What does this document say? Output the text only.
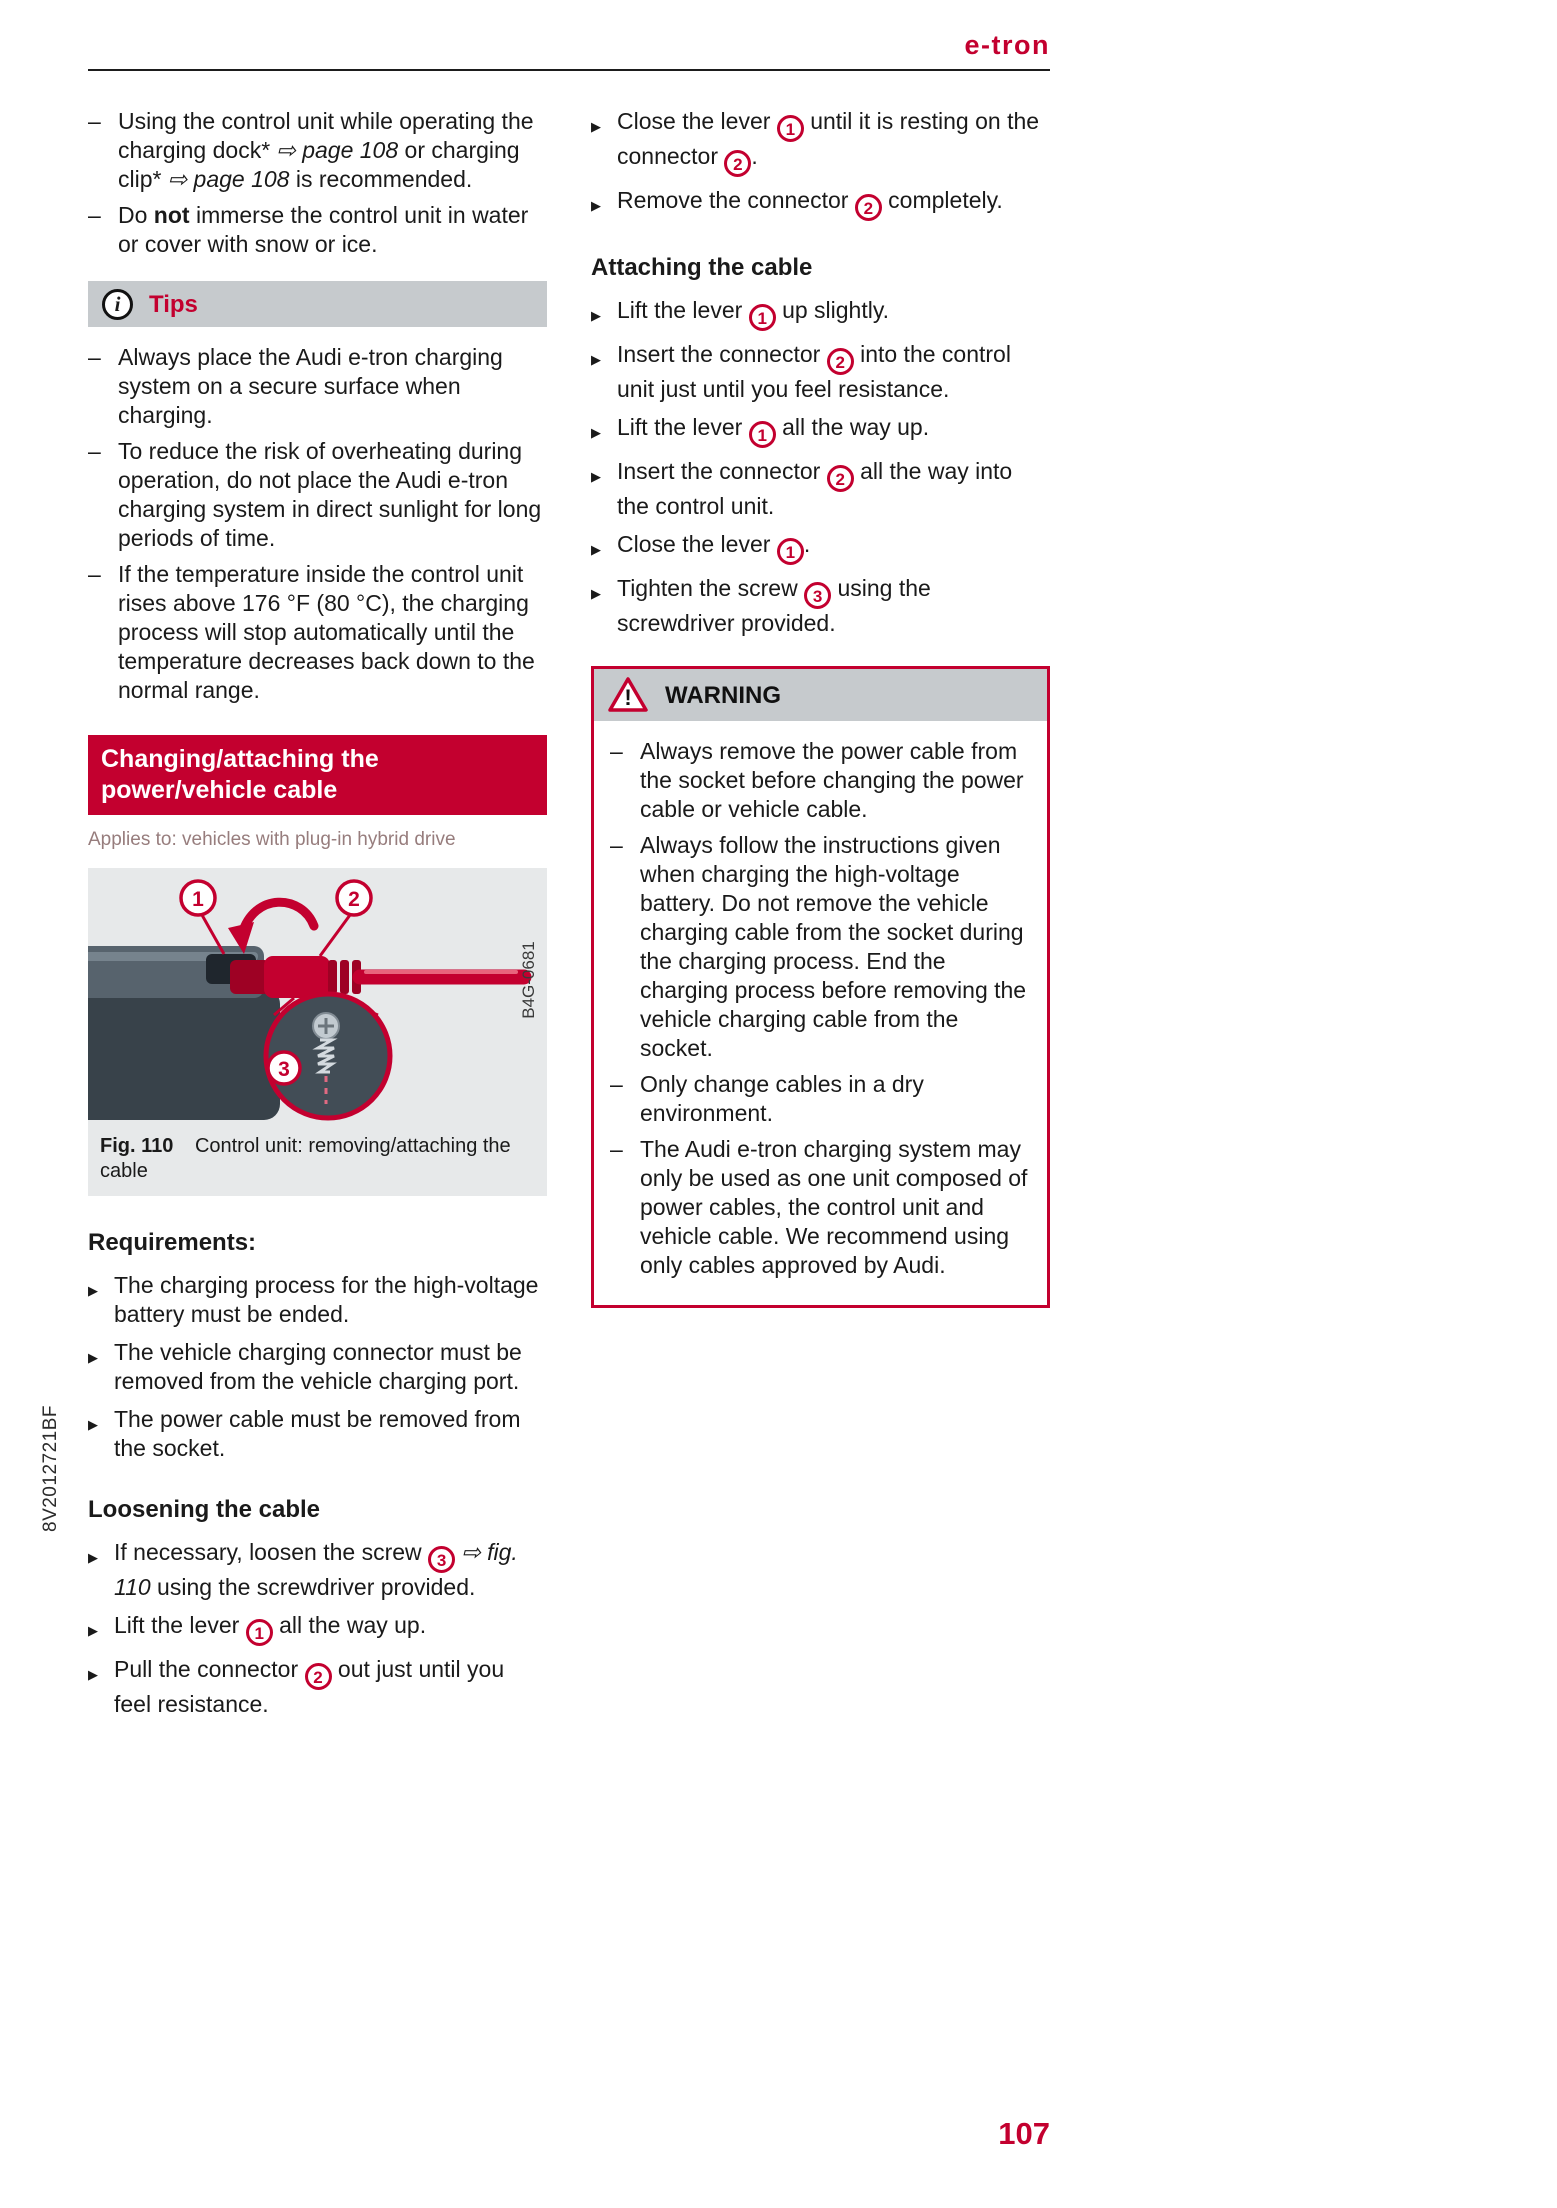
8V2012721BF
e-tron
– Using the control unit while operating the charging dock* ⇨ page 108 or charging clip* ⇨ page 108 is recommended.
– Do not immerse the control unit in water or cover with snow or ice.
i	Tips
– Always place the Audi e-tron charging system on a secure surface when charging.
– To reduce the risk of overheating during operation, do not place the Audi e-tron charging system in direct sunlight for long periods of time.
– If the temperature inside the control unit rises above 176 °F (80 °C), the charging process will stop automatically until the temperature decreases back down to the normal range.
Changing/attaching the power/vehicle cable
Applies to: vehicles with plug-in hybrid drive
1	2
3
B4G-0681
Fig. 110 Control unit: removing/attaching the cable
Requirements:
▶ The charging process for the high-voltage battery must be ended.
▶ The vehicle charging connector must be removed from the vehicle charging port.
▶ The power cable must be removed from the socket.
Loosening the cable
▶ If necessary, loosen the screw 3 ⇨ fig. 110 using the screwdriver provided.
▶ Lift the lever 1 all the way up.
▶ Pull the connector 2 out just until you feel resistance.
▶ Close the lever 1 until it is resting on the connector 2 .
▶ Remove the connector 2 completely.
Attaching the cable
▶ Lift the lever 1 up slightly.
▶ Insert the connector 2 into the control unit just until you feel resistance.
▶ Lift the lever 1 all the way up.
▶ Insert the connector 2 all the way into the control unit.
▶ Close the lever 1 .
▶ Tighten the screw 3 using the screwdriver provided.
! WARNING
– Always remove the power cable from the socket before changing the power cable or vehicle cable.
– Always follow the instructions given when charging the high-voltage battery. Do not remove the vehicle charging cable from the socket during the charging process. End the charging process before removing the vehicle charging cable from the socket.
– Only change cables in a dry environment.
– The Audi e-tron charging system may only be used as one unit composed of power cables, the control unit and vehicle cable. We recommend using only cables approved by Audi.
107
